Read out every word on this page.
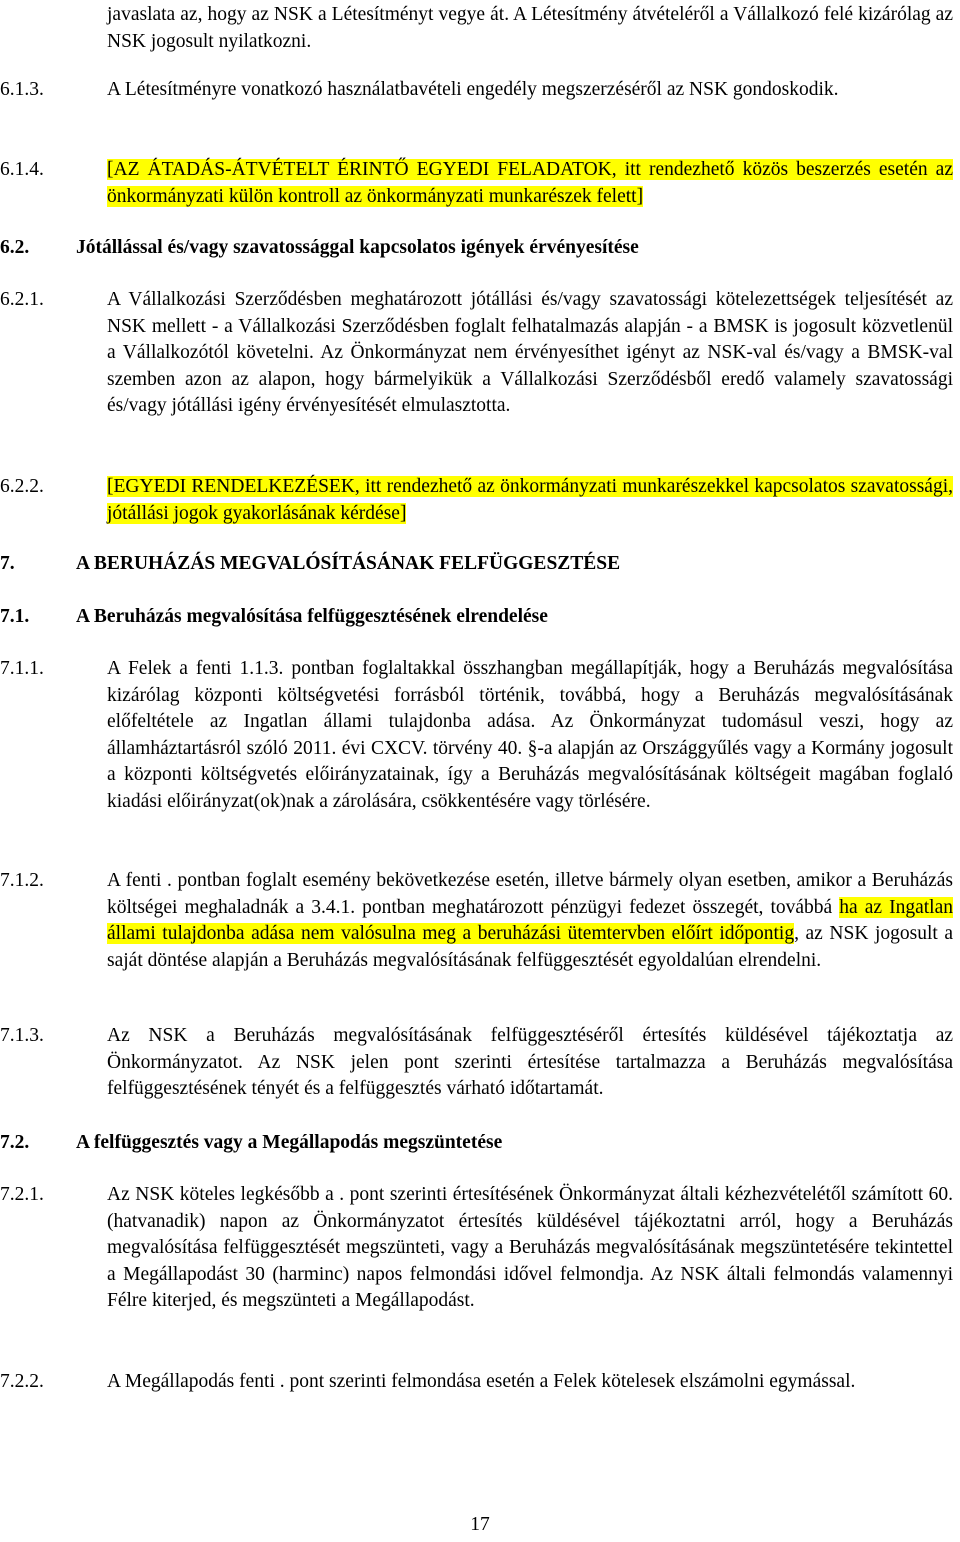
javaslata az, hogy az NSK a Létesítményt vegye át. A Létesítmény átvételéről a Vállalkozó felé kizárólag az NSK jogosult nyilatkozni.
6.1.3.	A Létesítményre vonatkozó használatbavételi engedély megszerzéséről az NSK gondoskodik.
6.1.4.	[AZ ÁTADÁS-ÁTVÉTELT ÉRINTŐ EGYEDI FELADATOK, itt rendezhető közös beszerzés esetén az önkormányzati külön kontroll az önkormányzati munkarészek felett]
6.2.	Jótállással és/vagy szavatossággal kapcsolatos igények érvényesítése
6.2.1.	A Vállalkozási Szerződésben meghatározott jótállási és/vagy szavatossági kötelezettségek teljesítését az NSK mellett - a Vállalkozási Szerződésben foglalt felhatalmazás alapján - a BMSK is jogosult közvetlenül a Vállalkozótól követelni. Az Önkormányzat nem érvényesíthet igényt az NSK-val és/vagy a BMSK-val szemben azon az alapon, hogy bármelyikük a Vállalkozási Szerződésből eredő valamely szavatossági és/vagy jótállási igény érvényesítését elmulasztotta.
6.2.2.	[EGYEDI RENDELKEZÉSEK, itt rendezhető az önkormányzati munkarészekkel kapcsolatos szavatossági, jótállási jogok gyakorlásának kérdése]
7.	A BERUHÁZÁS MEGVALÓSÍTÁSÁNAK FELFÜGGESZTÉSE
7.1.	A Beruházás megvalósítása felfüggesztésének elrendelése
7.1.1.	A Felek a fenti 1.1.3. pontban foglaltakkal összhangban megállapítják, hogy a Beruházás megvalósítása kizárólag központi költségvetési forrásból történik, továbbá, hogy a Beruházás megvalósításának előfeltétele az Ingatlan állami tulajdonba adása. Az Önkormányzat tudomásul veszi, hogy az államháztartásról szóló 2011. évi CXCV. törvény 40. §-a alapján az Országgyűlés vagy a Kormány jogosult a központi költségvetés előirányzatainak, így a Beruházás megvalósításának költségeit magában foglaló kiadási előirányzat(ok)nak a zárolására, csökkentésére vagy törlésére.
7.1.2.	A fenti . pontban foglalt esemény bekövetkezése esetén, illetve bármely olyan esetben, amikor a Beruházás költségei meghaladnák a 3.4.1. pontban meghatározott pénzügyi fedezet összegét, továbbá ha az Ingatlan állami tulajdonba adása nem valósulna meg a beruházási ütemtervben előírt időpontig, az NSK jogosult a saját döntése alapján a Beruházás megvalósításának felfüggesztését egyoldalúan elrendelni.
7.1.3.	Az NSK a Beruházás megvalósításának felfüggesztéséről értesítés küldésével tájékoztatja az Önkormányzatot. Az NSK jelen pont szerinti értesítése tartalmazza a Beruházás megvalósítása felfüggesztésének tényét és a felfüggesztés várható időtartamát.
7.2.	A felfüggesztés vagy a Megállapodás megszüntetése
7.2.1.	Az NSK köteles legkésőbb a . pont szerinti értesítésének Önkormányzat általi kézhezvételétől számított 60. (hatvanadik) napon az Önkormányzatot értesítés küldésével tájékoztatni arról, hogy a Beruházás megvalósítása felfüggesztését megszünteti, vagy a Beruházás megvalósításának megszüntetésére tekintettel a Megállapodást 30 (harminc) napos felmondási idővel felmondja. Az NSK általi felmondás valamennyi Félre kiterjed, és megszünteti a Megállapodást.
7.2.2.	A Megállapodás fenti . pont szerinti felmondása esetén a Felek kötelesek elszámolni egymással.
17
